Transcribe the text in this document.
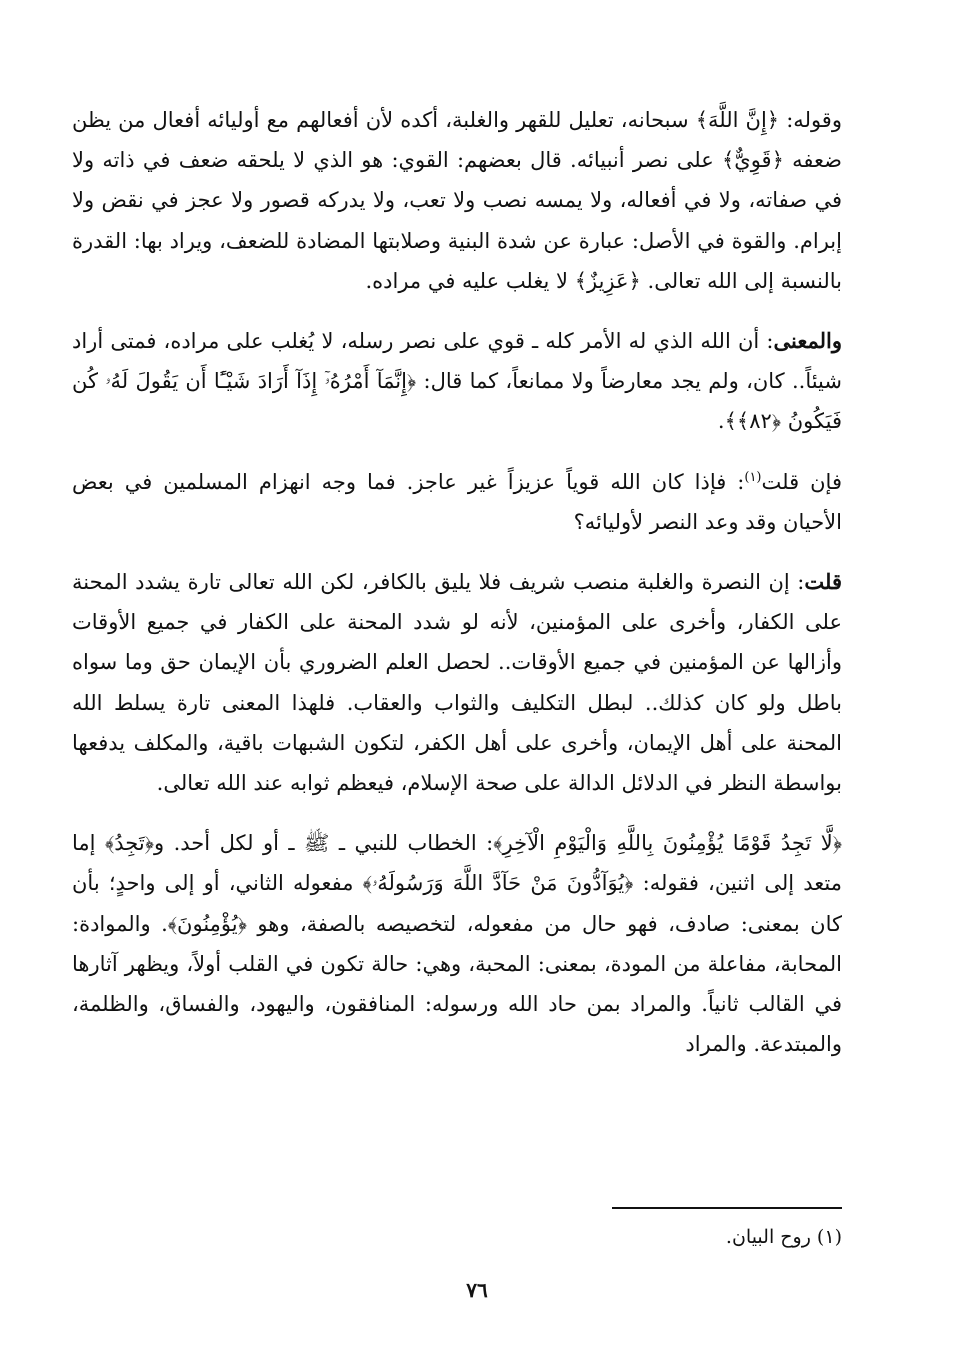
وقوله: ﴿إِنَّ اللَّهَ﴾ سبحانه، تعليل للقهر والغلبة، أكده لأن أفعالهم مع أوليائه أفعال من يظن ضعفه ﴿قَوِيٌّ﴾ على نصر أنبيائه. قال بعضهم: القوي: هو الذي لا يلحقه ضعف في ذاته ولا في صفاته، ولا في أفعاله، ولا يمسه نصب ولا تعب، ولا يدركه قصور ولا عجز في نقض ولا إبرام. والقوة في الأصل: عبارة عن شدة البنية وصلابتها المضادة للضعف، ويراد بها: القدرة بالنسبة إلى الله تعالى. ﴿عَزِيزٌ﴾ لا يغلب عليه في مراده.

والمعنى: أن الله الذي له الأمر كله ـ قوي على نصر رسله، لا يُغلب على مراده، فمتى أراد شيئاً.. كان، ولم يجد معارضاً ولا ممانعاً، كما قال: ﴿إِنَّمَآ أَمْرُهُۥٓ إِذَآ أَرَادَ شَيْـًٔا أَن يَقُولَ لَهُۥ كُن فَيَكُونُ ﴿٨٢﴾﴾.

فإن قلت$^{(١)}$: فإذا كان الله قوياً عزيزاً غير عاجز. فما وجه انهزام المسلمين في بعض الأحيان وقد وعد النصر لأوليائه؟

قلت: إن النصرة والغلبة منصب شريف فلا يليق بالكافر، لكن الله تعالى تارة يشدد المحنة على الكفار، وأخرى على المؤمنين، لأنه لو شدد المحنة على الكفار في جميع الأوقات وأزالها عن المؤمنين في جميع الأوقات.. لحصل العلم الضروري بأن الإيمان حق وما سواه باطل ولو كان كذلك.. لبطل التكليف والثواب والعقاب. فلهذا المعنى تارة يسلط الله المحنة على أهل الإيمان، وأخرى على أهل الكفر، لتكون الشبهات باقية، والمكلف يدفعها بواسطة النظر في الدلائل الدالة على صحة الإسلام، فيعظم ثوابه عند الله تعالى.

﴿لَّا تَجِدُ قَوْمًا يُؤْمِنُونَ بِاللَّهِ وَالْيَوْمِ الْآخِرِ﴾: الخطاب للنبي ـ ﷺ ـ أو لكل أحد. و﴿تَجِدُ﴾ إما متعد إلى اثنين، فقوله: ﴿يُوَآدُّونَ مَنْ حَآدَّ اللَّهَ وَرَسُولَهُۥ﴾ مفعوله الثاني، أو إلى واحدٍ؛ بأن كان بمعنى: صادف، فهو حال من مفعوله، لتخصيصه بالصفة، وهو ﴿يُؤْمِنُونَ﴾. والموادة: المحابة، مفاعلة من المودة، بمعنى: المحبة، وهي: حالة تكون في القلب أولاً، ويظهر آثارها في القالب ثانياً. والمراد بمن حاد الله ورسوله: المنافقون، واليهود، والفساق، والظلمة، والمبتدعة. والمراد

(١) روح البيان.
٧٦
